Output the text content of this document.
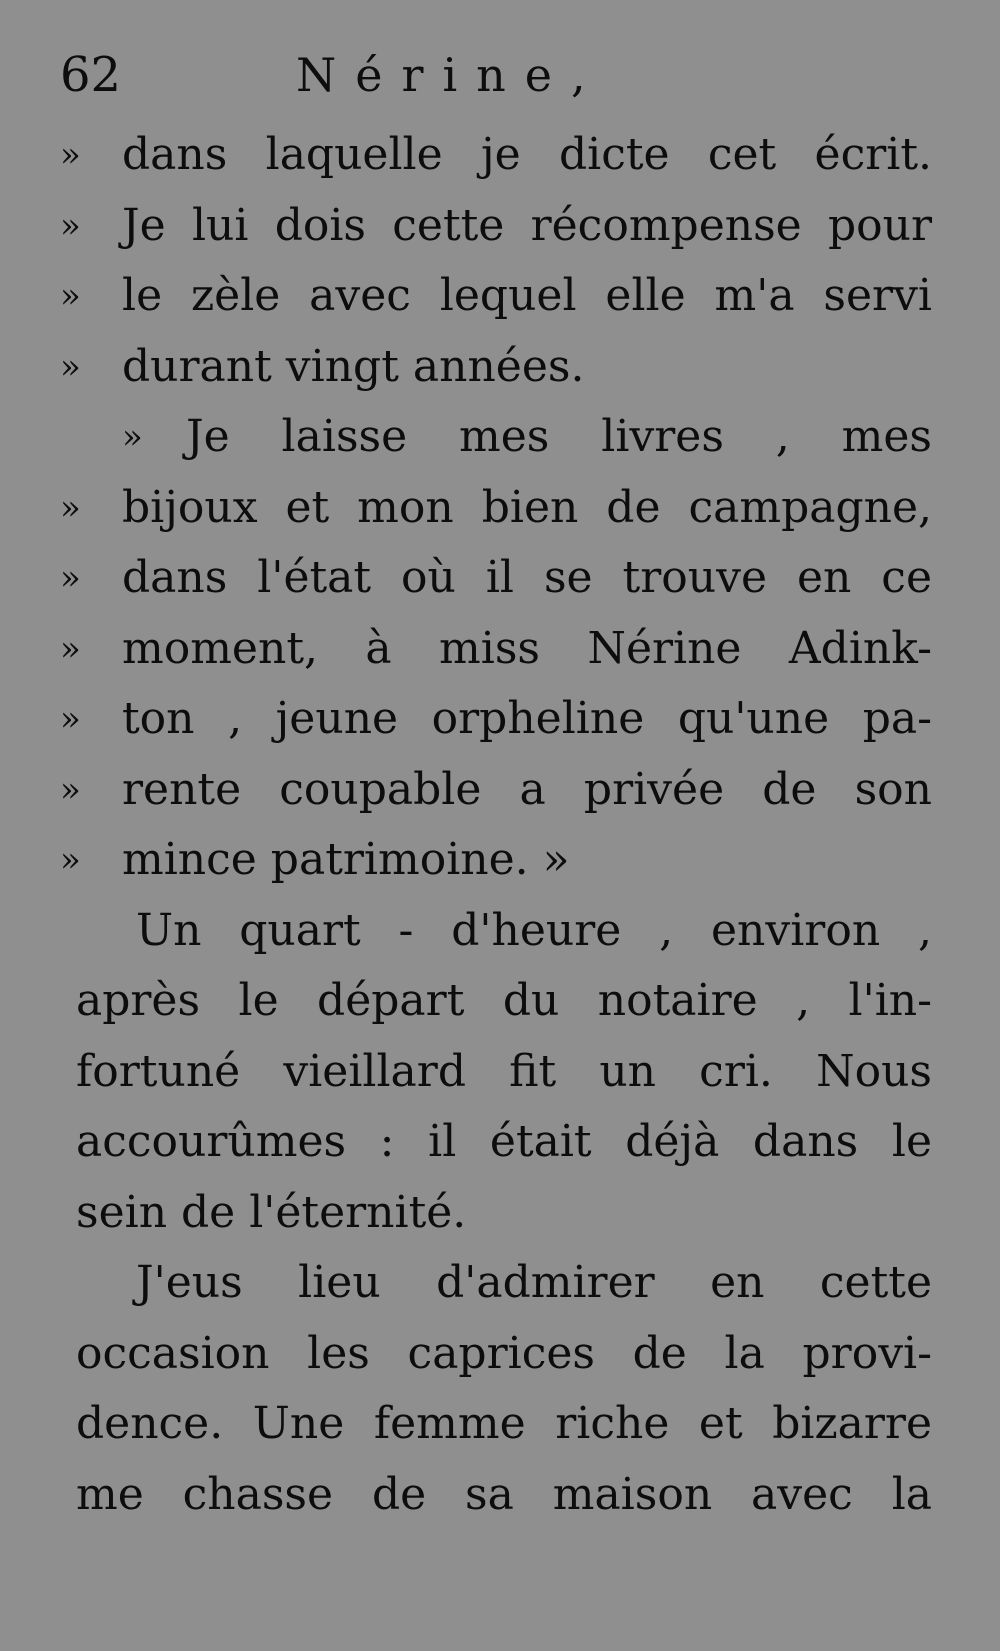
62	Nérine,
» dans laquelle je dicte cet écrit.
» Je lui dois cette récompense pour
» le zèle avec lequel elle m'a servi
» durant vingt années.
» Je laisse mes livres , mes
» bijoux et mon bien de campagne,
» dans l'état où il se trouve en ce
» moment, à miss Nérine Adink-
» ton , jeune orpheline qu'une pa-
» rente coupable a privée de son
» mince patrimoine. »
Un quart - d'heure , environ ,
après le départ du notaire , l'in-
fortuné vieillard fit un cri. Nous
accourûmes : il était déjà dans le
sein de l'éternité.
J'eus lieu d'admirer en cette
occasion les caprices de la provi-
dence. Une femme riche et bizarre
me chasse de sa maison avec la
